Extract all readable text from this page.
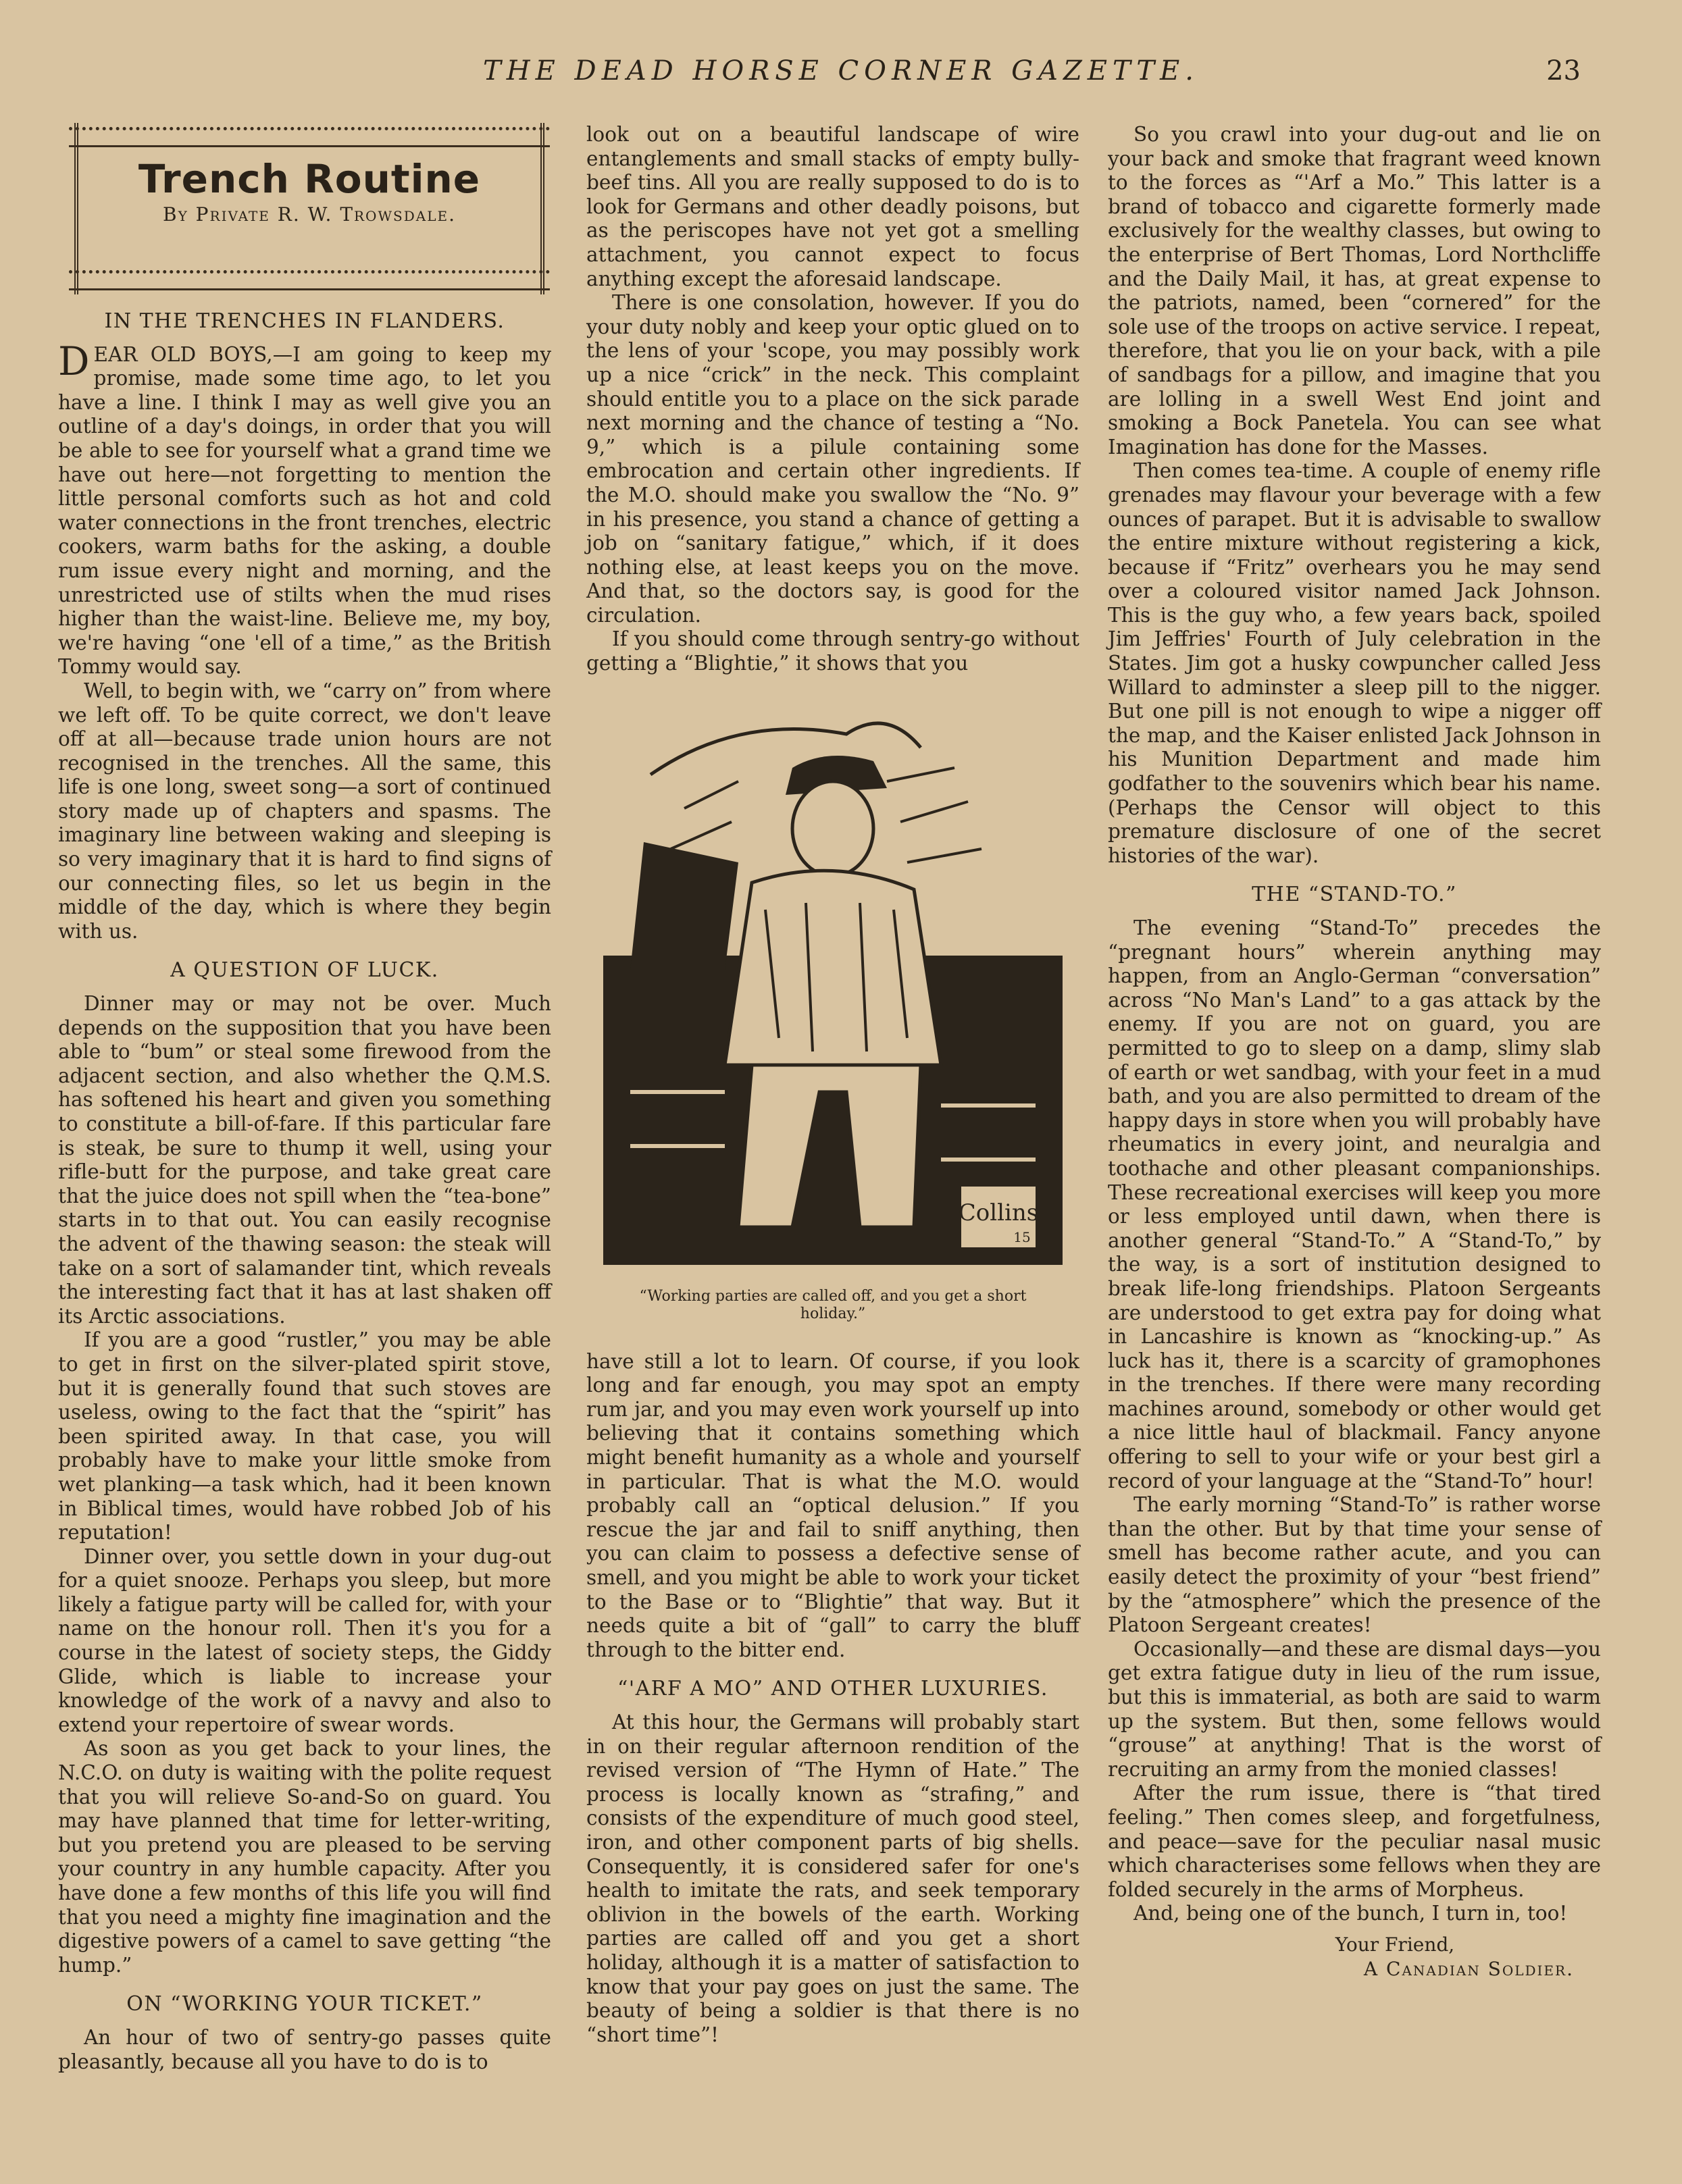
THE DEAD HORSE CORNER GAZETTE.	23
Trench Routine
By Private R. W. Trowsdale.
IN THE TRENCHES IN FLANDERS.

DEAR OLD BOYS,—I am going to keep my promise, made some time ago, to let you have a line. I think I may as well give you an outline of a day's doings, in order that you will be able to see for yourself what a grand time we have out here—not forgetting to mention the little personal comforts such as hot and cold water connections in the front trenches, electric cookers, warm baths for the asking, a double rum issue every night and morning, and the unrestricted use of stilts when the mud rises higher than the waist-line. Believe me, my boy, we're having “one 'ell of a time,” as the British Tommy would say.

Well, to begin with, we “carry on” from where we left off. To be quite correct, we don't leave off at all—because trade union hours are not recognised in the trenches. All the same, this life is one long, sweet song—a sort of continued story made up of chapters and spasms. The imaginary line between waking and sleeping is so very imaginary that it is hard to find signs of our connecting files, so let us begin in the middle of the day, which is where they begin with us.

A QUESTION OF LUCK.

Dinner may or may not be over. Much depends on the supposition that you have been able to “bum” or steal some firewood from the adjacent section, and also whether the Q.M.S. has softened his heart and given you something to constitute a bill-of-fare. If this particular fare is steak, be sure to thump it well, using your rifle-butt for the purpose, and take great care that the juice does not spill when the “tea-bone” starts in to that out. You can easily recognise the advent of the thawing season: the steak will take on a sort of salamander tint, which reveals the interesting fact that it has at last shaken off its Arctic associations.

If you are a good “rustler,” you may be able to get in first on the silver-plated spirit stove, but it is generally found that such stoves are useless, owing to the fact that the “spirit” has been spirited away. In that case, you will probably have to make your little smoke from wet planking—a task which, had it been known in Biblical times, would have robbed Job of his reputation!

Dinner over, you settle down in your dug-out for a quiet snooze. Perhaps you sleep, but more likely a fatigue party will be called for, with your name on the honour roll. Then it's you for a course in the latest of society steps, the Giddy Glide, which is liable to increase your knowledge of the work of a navvy and also to extend your repertoire of swear words.

As soon as you get back to your lines, the N.C.O. on duty is waiting with the polite request that you will relieve So-and-So on guard. You may have planned that time for letter-writing, but you pretend you are pleased to be serving your country in any humble capacity. After you have done a few months of this life you will find that you need a mighty fine imagination and the digestive powers of a camel to save getting “the hump.”

ON “WORKING YOUR TICKET.”

An hour of two of sentry-go passes quite pleasantly, because all you have to do is to

look out on a beautiful landscape of wire entanglements and small stacks of empty bully-beef tins. All you are really supposed to do is to look for Germans and other deadly poisons, but as the periscopes have not yet got a smelling attachment, you cannot expect to focus anything except the aforesaid landscape.

There is one consolation, however. If you do your duty nobly and keep your optic glued on to the lens of your 'scope, you may possibly work up a nice “crick” in the neck. This complaint should entitle you to a place on the sick parade next morning and the chance of testing a “No. 9,” which is a pilule containing some embrocation and certain other ingredients. If the M.O. should make you swallow the “No. 9” in his presence, you stand a chance of getting a job on “sanitary fatigue,” which, if it does nothing else, at least keeps you on the move. And that, so the doctors say, is good for the circulation.

If you should come through sentry-go without getting a “Blightie,” it shows that you

Collins
15
“Working parties are called off, and you get a short holiday.”

have still a lot to learn. Of course, if you look long and far enough, you may spot an empty rum jar, and you may even work yourself up into believing that it contains something which might benefit humanity as a whole and yourself in particular. That is what the M.O. would probably call an “optical delusion.” If you rescue the jar and fail to sniff anything, then you can claim to possess a defective sense of smell, and you might be able to work your ticket to the Base or to “Blightie” that way. But it needs quite a bit of “gall” to carry the bluff through to the bitter end.

“'ARF A MO” AND OTHER LUXURIES.

At this hour, the Germans will probably start in on their regular afternoon rendition of the revised version of “The Hymn of Hate.” The process is locally known as “strafing,” and consists of the expenditure of much good steel, iron, and other component parts of big shells. Consequently, it is considered safer for one's health to imitate the rats, and seek temporary oblivion in the bowels of the earth. Working parties are called off and you get a short holiday, although it is a matter of satisfaction to know that your pay goes on just the same. The beauty of being a soldier is that there is no “short time”!

So you crawl into your dug-out and lie on your back and smoke that fragrant weed known to the forces as “'Arf a Mo.” This latter is a brand of tobacco and cigarette formerly made exclusively for the wealthy classes, but owing to the enterprise of Bert Thomas, Lord Northcliffe and the Daily Mail, it has, at great expense to the patriots, named, been “cornered” for the sole use of the troops on active service. I repeat, therefore, that you lie on your back, with a pile of sandbags for a pillow, and imagine that you are lolling in a swell West End joint and smoking a Bock Panetela. You can see what Imagination has done for the Masses.

Then comes tea-time. A couple of enemy rifle grenades may flavour your beverage with a few ounces of parapet. But it is advisable to swallow the entire mixture without registering a kick, because if “Fritz” overhears you he may send over a coloured visitor named Jack Johnson. This is the guy who, a few years back, spoiled Jim Jeffries' Fourth of July celebration in the States. Jim got a husky cowpuncher called Jess Willard to adminster a sleep pill to the nigger. But one pill is not enough to wipe a nigger off the map, and the Kaiser enlisted Jack Johnson in his Munition Department and made him godfather to the souvenirs which bear his name. (Perhaps the Censor will object to this premature disclosure of one of the secret histories of the war).

THE “STAND-TO.”

The evening “Stand-To” precedes the “pregnant hours” wherein anything may happen, from an Anglo-German “conversation” across “No Man's Land” to a gas attack by the enemy. If you are not on guard, you are permitted to go to sleep on a damp, slimy slab of earth or wet sandbag, with your feet in a mud bath, and you are also permitted to dream of the happy days in store when you will probably have rheumatics in every joint, and neuralgia and toothache and other pleasant companionships. These recreational exercises will keep you more or less employed until dawn, when there is another general “Stand-To.” A “Stand-To,” by the way, is a sort of institution designed to break life-long friendships. Platoon Sergeants are understood to get extra pay for doing what in Lancashire is known as “knocking-up.” As luck has it, there is a scarcity of gramophones in the trenches. If there were many recording machines around, somebody or other would get a nice little haul of blackmail. Fancy anyone offering to sell to your wife or your best girl a record of your language at the “Stand-To” hour!

The early morning “Stand-To” is rather worse than the other. But by that time your sense of smell has become rather acute, and you can easily detect the proximity of your “best friend” by the “atmosphere” which the presence of the Platoon Sergeant creates!

Occasionally—and these are dismal days—you get extra fatigue duty in lieu of the rum issue, but this is immaterial, as both are said to warm up the system. But then, some fellows would “grouse” at anything! That is the worst of recruiting an army from the monied classes!

After the rum issue, there is “that tired feeling.” Then comes sleep, and forgetfulness, and peace—save for the peculiar nasal music which characterises some fellows when they are folded securely in the arms of Morpheus.

And, being one of the bunch, I turn in, too!

Your Friend,
A Canadian Soldier.
